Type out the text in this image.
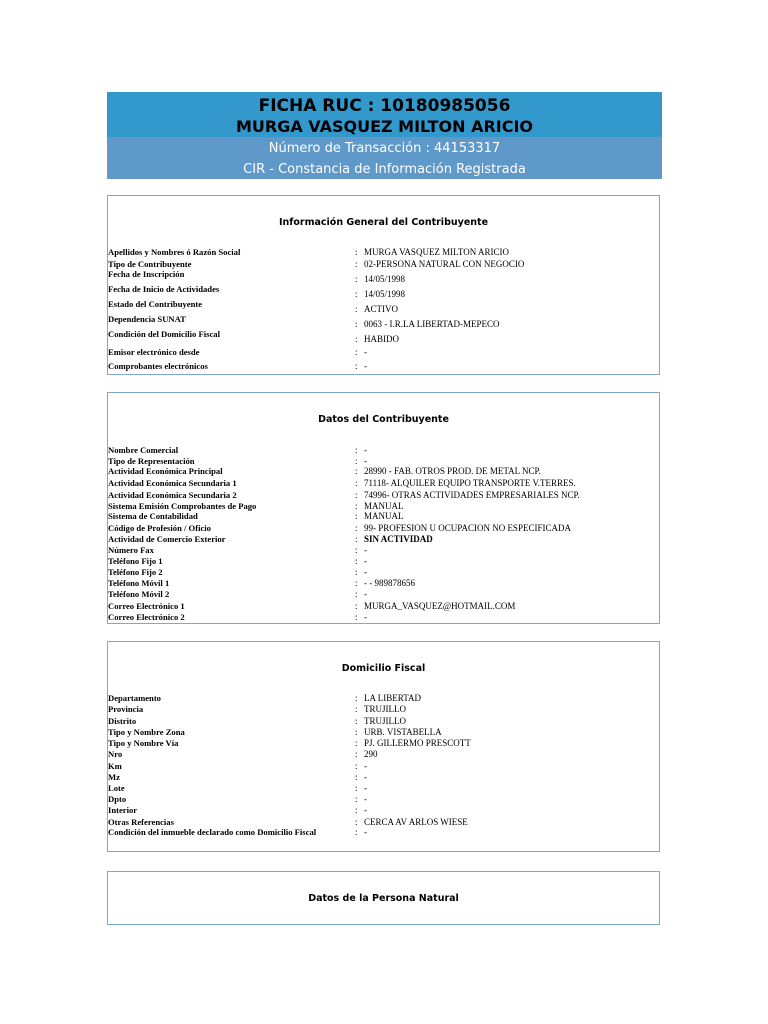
FICHA RUC : 10180985056
MURGA VASQUEZ MILTON ARICIO
Número de Transacción : 44153317
CIR - Constancia de Información Registrada
Información General del Contribuyente
Apellidos y Nombres ó Razón Social	: MURGA VASQUEZ MILTON ARICIO
Tipo de Contribuyente	: 02-PERSONA NATURAL CON NEGOCIO
Fecha de Inscripción	: 14/05/1998
Fecha de Inicio de Actividades	: 14/05/1998
Estado del Contribuyente	: ACTIVO
Dependencia SUNAT	: 0063 - I.R.LA LIBERTAD-MEPECO
Condición del Domicilio Fiscal	: HABIDO
Emisor electrónico desde	: -
Comprobantes electrónicos	: -
Datos del Contribuyente
Nombre Comercial	: -
Tipo de Representación	: -
Actividad Económica Principal	: 28990 - FAB. OTROS PROD. DE METAL NCP.
Actividad Económica Secundaria 1	: 71118- ALQUILER EQUIPO TRANSPORTE V.TERRES.
Actividad Económica Secundaria 2	: 74996- OTRAS ACTIVIDADES EMPRESARIALES NCP.
Sistema Emisión Comprobantes de Pago	: MANUAL
Sistema de Contabilidad	: MANUAL
Código de Profesión / Oficio	: 99- PROFESION U OCUPACION NO ESPECIFICADA
Actividad de Comercio Exterior	: SIN ACTIVIDAD
Número Fax	: -
Teléfono Fijo 1	: -
Teléfono Fijo 2	: -
Teléfono Móvil 1	: - - 989878656
Teléfono Móvil 2	: -
Correo Electrónico 1	: MURGA_VASQUEZ@HOTMAIL.COM
Correo Electrónico 2	: -
Domicilio Fiscal
Departamento	: LA LIBERTAD
Provincia	: TRUJILLO
Distrito	: TRUJILLO
Tipo y Nombre Zona	: URB. VISTABELLA
Tipo y Nombre Vía	: PJ. GILLERMO PRESCOTT
Nro	: 290
Km	: -
Mz	: -
Lote	: -
Dpto	: -
Interior	: -
Otras Referencias	: CERCA AV ARLOS WIESE
Condición del inmueble declarado como Domicilio Fiscal	: -
Datos de la Persona Natural
